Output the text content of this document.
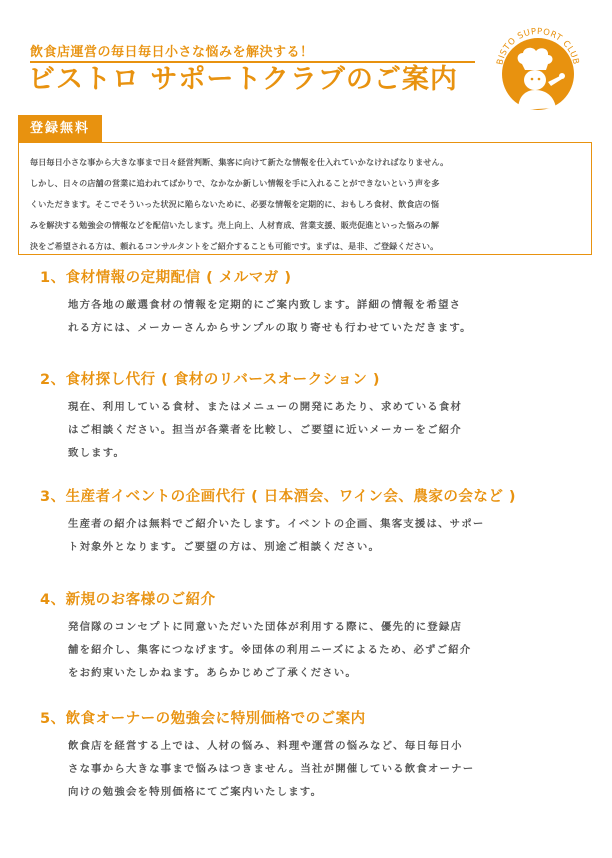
飲食店運営の毎日毎日小さな悩みを解決する！
ビストロ サポートクラブのご案内
BISTO SUPPORT CLUB
登録無料

毎日毎日小さな事から大きな事まで日々経営判断、集客に向けて新たな情報を仕入れていかなければなりません。

しかし、日々の店舗の営業に追われてばかりで、なかなか新しい情報を手に入れることができないという声を多

くいただきます。そこでそういった状況に陥らないために、必要な情報を定期的に、おもしろ食材、飲食店の悩

みを解決する勉強会の情報などを配信いたします。売上向上、人材育成、営業支援、販売促進といった悩みの解

決をご希望される方は、頼れるコンサルタントをご紹介することも可能です。まずは、是非、ご登録ください。

1、食材情報の定期配信 ( メルマガ )

地方各地の厳選食材の情報を定期的にご案内致します。詳細の情報を希望さ

れる方には、メーカーさんからサンプルの取り寄せも行わせていただきます。

2、食材探し代行 ( 食材のリバースオークション )

現在、利用している食材、またはメニューの開発にあたり、求めている食材

はご相談ください。担当が各業者を比較し、ご要望に近いメーカーをご紹介

致します。

3、生産者イベントの企画代行 ( 日本酒会、ワイン会、農家の会など )

生産者の紹介は無料でご紹介いたします。イベントの企画、集客支援は、サポー

ト対象外となります。ご要望の方は、別途ご相談ください。

4、新規のお客様のご紹介

発信隊のコンセプトに同意いただいた団体が利用する際に、優先的に登録店

舗を紹介し、集客につなげます。※団体の利用ニーズによるため、必ずご紹介

をお約束いたしかねます。あらかじめご了承ください。

5、飲食オーナーの勉強会に特別価格でのご案内

飲食店を経営する上では、人材の悩み、料理や運営の悩みなど、毎日毎日小

さな事から大きな事まで悩みはつきません。当社が開催している飲食オーナー

向けの勉強会を特別価格にてご案内いたします。
